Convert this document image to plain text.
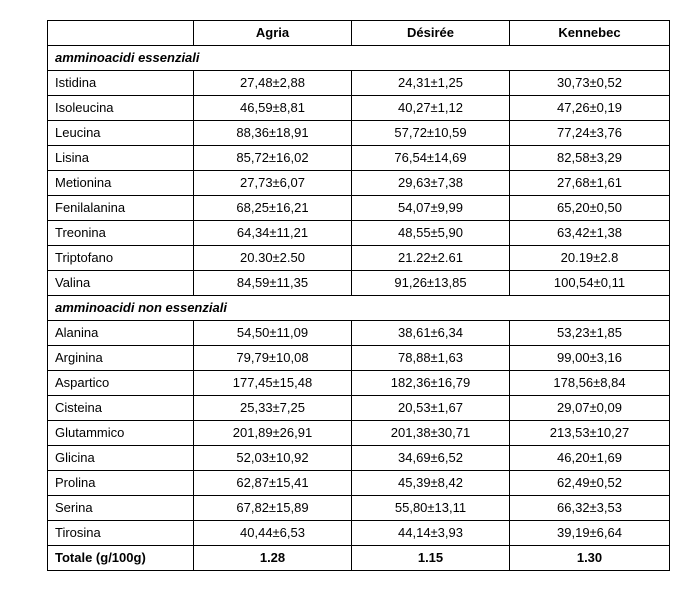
	Agria	Désirée	Kennebec
amminoacidi essenziali			
Istidina	27,48±2,88	24,31±1,25	30,73±0,52
Isoleucina	46,59±8,81	40,27±1,12	47,26±0,19
Leucina	88,36±18,91	57,72±10,59	77,24±3,76
Lisina	85,72±16,02	76,54±14,69	82,58±3,29
Metionina	27,73±6,07	29,63±7,38	27,68±1,61
Fenilalanina	68,25±16,21	54,07±9,99	65,20±0,50
Treonina	64,34±11,21	48,55±5,90	63,42±1,38
Triptofano	20.30±2.50	21.22±2.61	20.19±2.8
Valina	84,59±11,35	91,26±13,85	100,54±0,11
amminoacidi non essenziali			
Alanina	54,50±11,09	38,61±6,34	53,23±1,85
Arginina	79,79±10,08	78,88±1,63	99,00±3,16
Aspartico	177,45±15,48	182,36±16,79	178,56±8,84
Cisteina	25,33±7,25	20,53±1,67	29,07±0,09
Glutammico	201,89±26,91	201,38±30,71	213,53±10,27
Glicina	52,03±10,92	34,69±6,52	46,20±1,69
Prolina	62,87±15,41	45,39±8,42	62,49±0,52
Serina	67,82±15,89	55,80±13,11	66,32±3,53
Tirosina	40,44±6,53	44,14±3,93	39,19±6,64
Totale (g/100g)	1.28	1.15	1.30
